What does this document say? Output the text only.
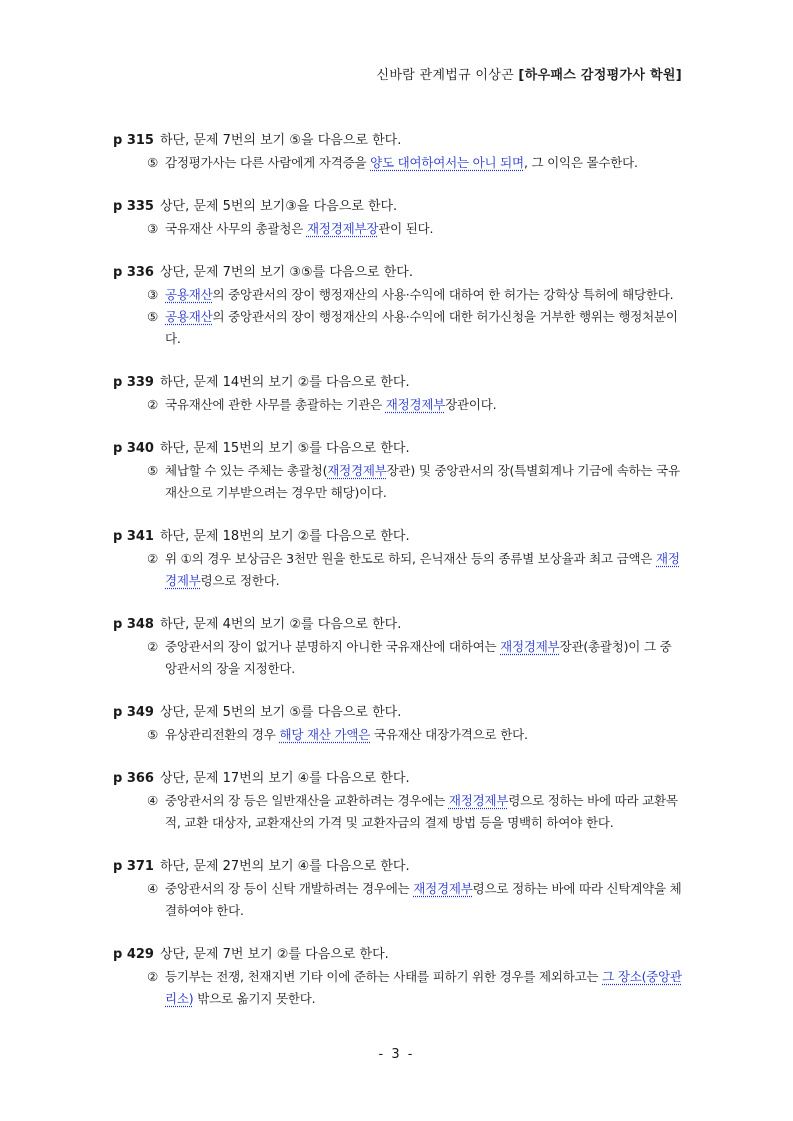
신바람 관계법규 이상곤 [하우패스 감정평가사 학원]
p 315 하단, 문제 7번의 보기 ⑤을 다음으로 한다.
⑤ 감정평가사는 다른 사람에게 자격증을 양도 대여하여서는 아니 되며, 그 이익은 몰수한다.
p 335 상단, 문제 5번의 보기③을 다음으로 한다.
③ 국유재산 사무의 총괄청은 재정경제부장관이 된다.
p 336 상단, 문제 7번의 보기 ③⑤를 다음으로 한다.
③ 공용재산의 중앙관서의 장이 행정재산의 사용·수익에 대하여 한 허가는 강학상 특허에 해당한다.
⑤ 공용재산의 중앙관서의 장이 행정재산의 사용·수익에 대한 허가신청을 거부한 행위는 행정처분이다.
p 339 하단, 문제 14번의 보기 ②를 다음으로 한다.
② 국유재산에 관한 사무를 총괄하는 기관은 재정경제부장관이다.
p 340 하단, 문제 15번의 보기 ⑤를 다음으로 한다.
⑤ 체납할 수 있는 주체는 총괄청(재정경제부장관) 및 중앙관서의 장(특별회계나 기금에 속하는 국유재산으로 기부받으려는 경우만 해당)이다.
p 341 하단, 문제 18번의 보기 ②를 다음으로 한다.
② 위 ①의 경우 보상금은 3천만 원을 한도로 하되, 은닉재산 등의 종류별 보상율과 최고 금액은 재정경제부령으로 정한다.
p 348 하단, 문제 4번의 보기 ②를 다음으로 한다.
② 중앙관서의 장이 없거나 분명하지 아니한 국유재산에 대하여는 재정경제부장관(총괄청)이 그 중앙관서의 장을 지정한다.
p 349 상단, 문제 5번의 보기 ⑤를 다음으로 한다.
⑤ 유상관리전환의 경우 해당 재산 가액은 국유재산 대장가격으로 한다.
p 366 상단, 문제 17번의 보기 ④를 다음으로 한다.
④ 중앙관서의 장 등은 일반재산을 교환하려는 경우에는 재정경제부령으로 정하는 바에 따라 교환목적, 교환 대상자, 교환재산의 가격 및 교환자금의 결제 방법 등을 명백히 하여야 한다.
p 371 하단, 문제 27번의 보기 ④를 다음으로 한다.
④ 중앙관서의 장 등이 신탁 개발하려는 경우에는 재정경제부령으로 정하는 바에 따라 신탁계약을 체결하여야 한다.
p 429 상단, 문제 7번 보기 ②를 다음으로 한다.
② 등기부는 전쟁, 천재지변 기타 이에 준하는 사태를 피하기 위한 경우를 제외하고는 그 장소(중앙관리소) 밖으로 옮기지 못한다.
- 3 -
